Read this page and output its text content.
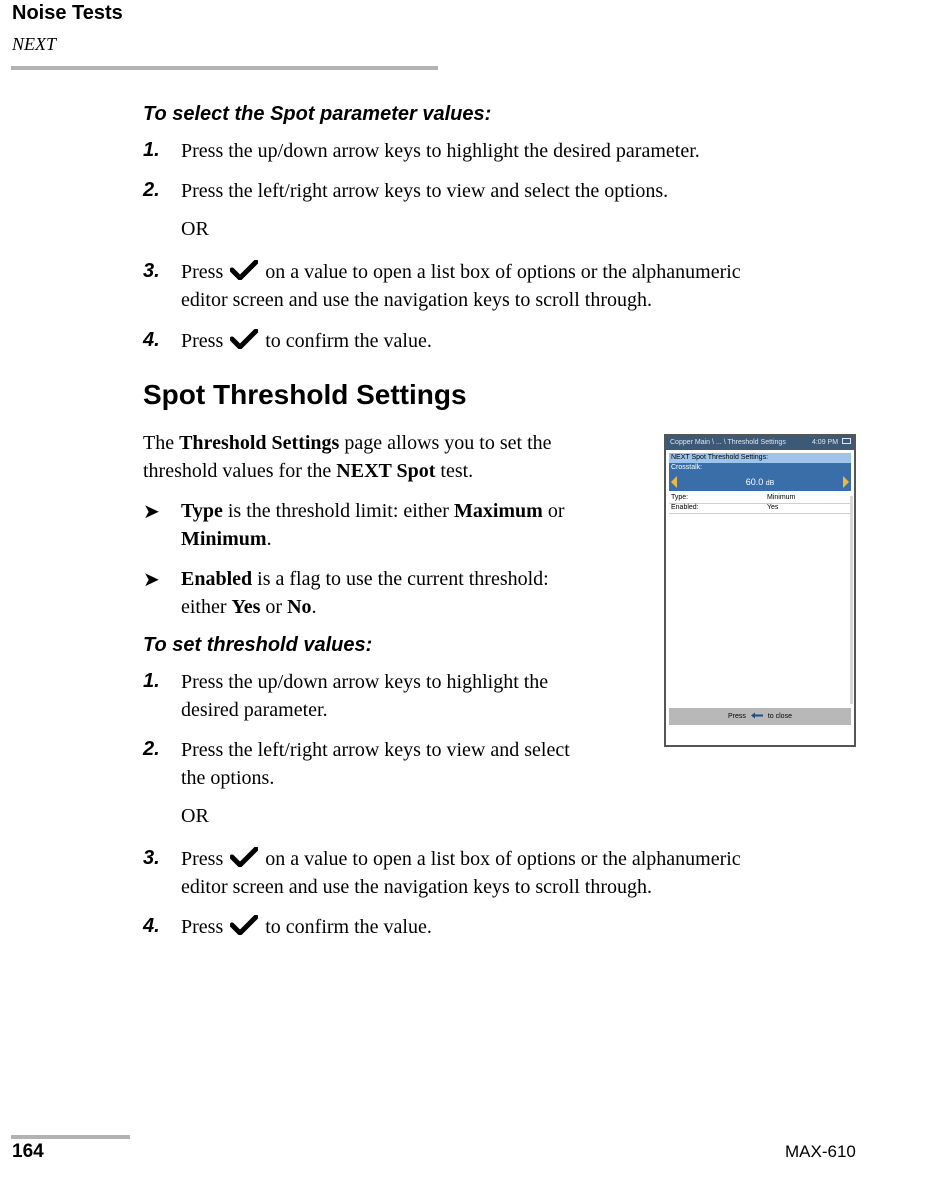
Noise Tests
NEXT
To select the Spot parameter values:
1.	Press the up/down arrow keys to highlight the desired parameter.
2.	Press the left/right arrow keys to view and select the options.
OR
3.	Press on a value to open a list box of options or the alphanumeric
editor screen and use the navigation keys to scroll through.
4.	Press to confirm the value.
Spot Threshold Settings
The Threshold Settings page allows you to set the
threshold values for the NEXT Spot test.
➤ Type is the threshold limit: either Maximum or
Minimum.
➤ Enabled is a flag to use the current threshold:
either Yes or No.
To set threshold values:
1.	Press the up/down arrow keys to highlight the
desired parameter.
2.	Press the left/right arrow keys to view and select
the options.
OR
3.	Press on a value to open a list box of options or the alphanumeric
editor screen and use the navigation keys to scroll through.
4.	Press to confirm the value.
Copper Main \ ... \ Threshold Settings	4:09 PM
NEXT Spot Threshold Settings:
Crosstalk:
60.0 dB
Type:	Minimum
Enabled:	Yes
Press	to close
164	MAX-610
